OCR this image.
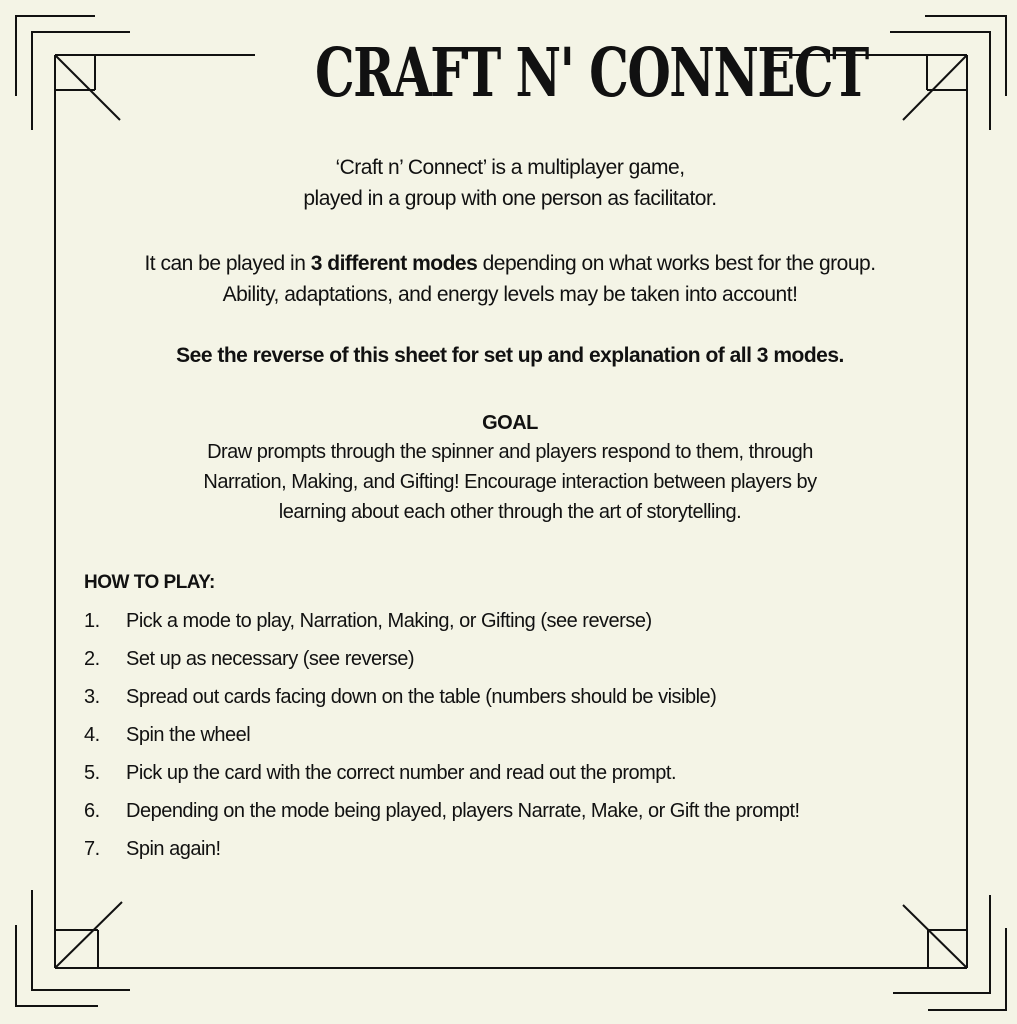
CRAFT N' CONNECT

‘Craft n’ Connect’ is a multiplayer game,
played in a group with one person as facilitator.

It can be played in 3 different modes depending on what works best for the group.
Ability, adaptations, and energy levels may be taken into account!

See the reverse of this sheet for set up and explanation of all 3 modes.

GOAL

Draw prompts through the spinner and players respond to them, through
Narration, Making, and Gifting! Encourage interaction between players by
learning about each other through the art of storytelling.

HOW TO PLAY:

1. Pick a mode to play, Narration, Making, or Gifting (see reverse)
2. Set up as necessary (see reverse)
3. Spread out cards facing down on the table (numbers should be visible)
4. Spin the wheel
5. Pick up the card with the correct number and read out the prompt.
6. Depending on the mode being played, players Narrate, Make, or Gift the prompt!
7. Spin again!
